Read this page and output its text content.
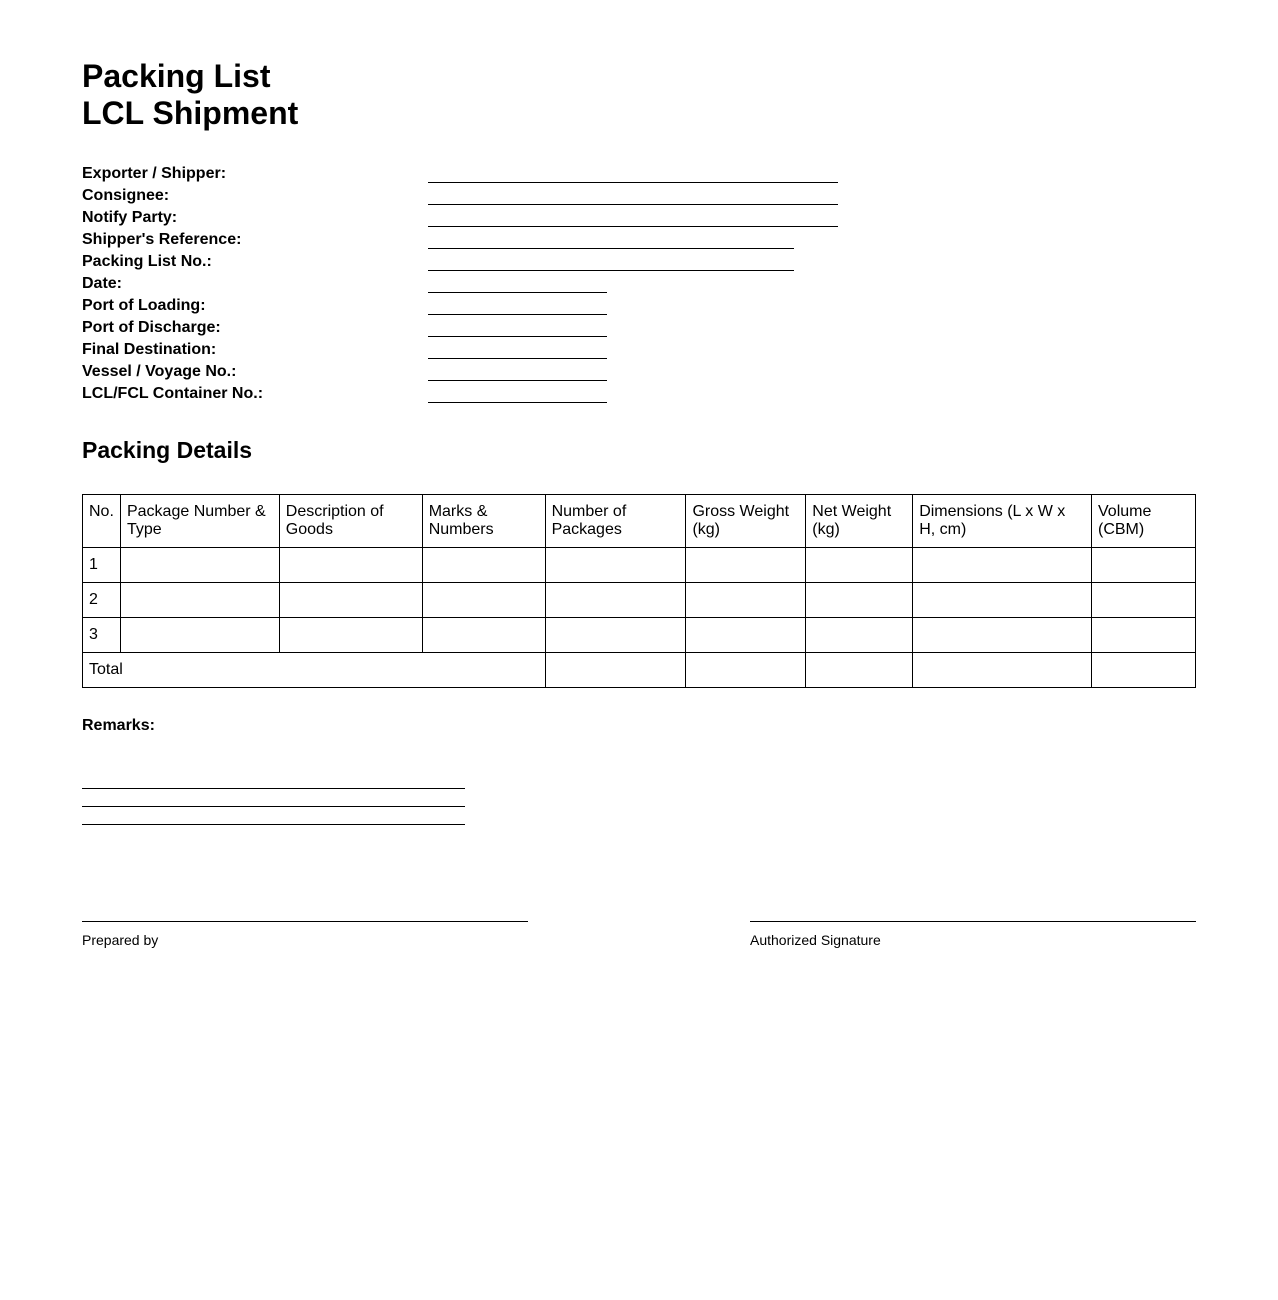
Packing List
LCL Shipment
Exporter / Shipper:
Consignee:
Notify Party:
Shipper's Reference:
Packing List No.:
Date:
Port of Loading:
Port of Discharge:
Final Destination:
Vessel / Voyage No.:
LCL/FCL Container No.:
Packing Details
No.	Package Number & Type	Description of Goods	Marks & Numbers	Number of Packages	Gross Weight (kg)	Net Weight (kg)	Dimensions (L x W x H, cm)	Volume (CBM)
1								
2								
3								
Total								
Remarks:
Prepared by	Authorized Signature
